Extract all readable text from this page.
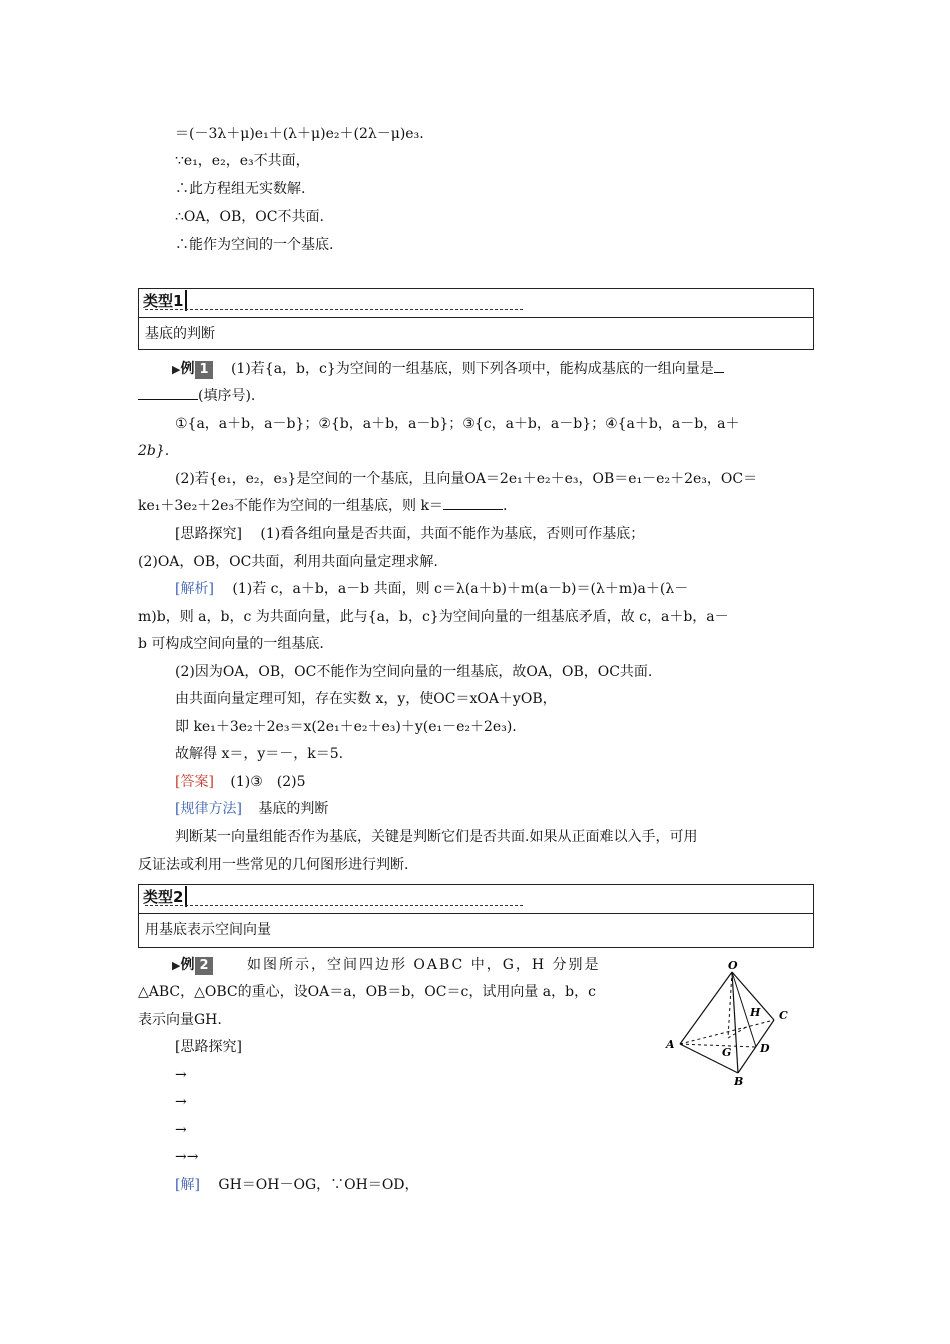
＝(－3λ＋μ)e₁＋(λ＋μ)e₂＋(2λ－μ)e₃.
∵e₁，e₂，e₃不共面，
∴此方程组无实数解.
∴OA，OB，OC不共面.
∴能作为空间的一个基底.
类型1
基底的判断
▶例 1 (1)若{a，b，c}为空间的一组基底，则下列各项中，能构成基底的一组向量是
(填序号).
①{a，a＋b，a－b}；②{b，a＋b，a－b}；③{c，a＋b，a－b}；④{a＋b，a－b，a＋
2b}.
(2)若{e₁，e₂，e₃}是空间的一个基底，且向量OA＝2e₁＋e₂＋e₃，OB＝e₁－e₂＋2e₃，OC＝
ke₁＋3e₂＋2e₃不能作为空间的一组基底，则 k＝	.
[思路探究] (1)看各组向量是否共面，共面不能作为基底，否则可作基底；
(2)OA，OB，OC共面，利用共面向量定理求解.
[解析] (1)若 c，a＋b，a－b 共面，则 c＝λ(a＋b)＋m(a－b)＝(λ＋m)a＋(λ－
m)b，则 a，b，c 为共面向量，此与{a，b，c}为空间向量的一组基底矛盾，故 c，a＋b，a－
b 可构成空间向量的一组基底.
(2)因为OA，OB，OC不能作为空间向量的一组基底，故OA，OB，OC共面.
由共面向量定理可知，存在实数 x，y，使OC＝xOA＋yOB，
即 ke₁＋3e₂＋2e₃＝x(2e₁＋e₂＋e₃)＋y(e₁－e₂＋2e₃).
故解得 x＝，y＝－，k＝5.
[答案] (1)③　(2)5
[规律方法] 基底的判断
判断某一向量组能否作为基底，关键是判断它们是否共面.如果从正面难以入手，可用
反证法或利用一些常见的几何图形进行判断.
类型2
用基底表示空间向量
▶例 2	如图所示，空间四边形 OABC 中，G，H 分别是
△ABC，△OBC的重心，设OA＝a，OB＝b，OC＝c，试用向量 a，b，c
表示向量GH.
[思路探究]
→
→
→
→→
[解] GH＝OH－OG，∵OH＝OD，
O
A
B
C
D
G
H
